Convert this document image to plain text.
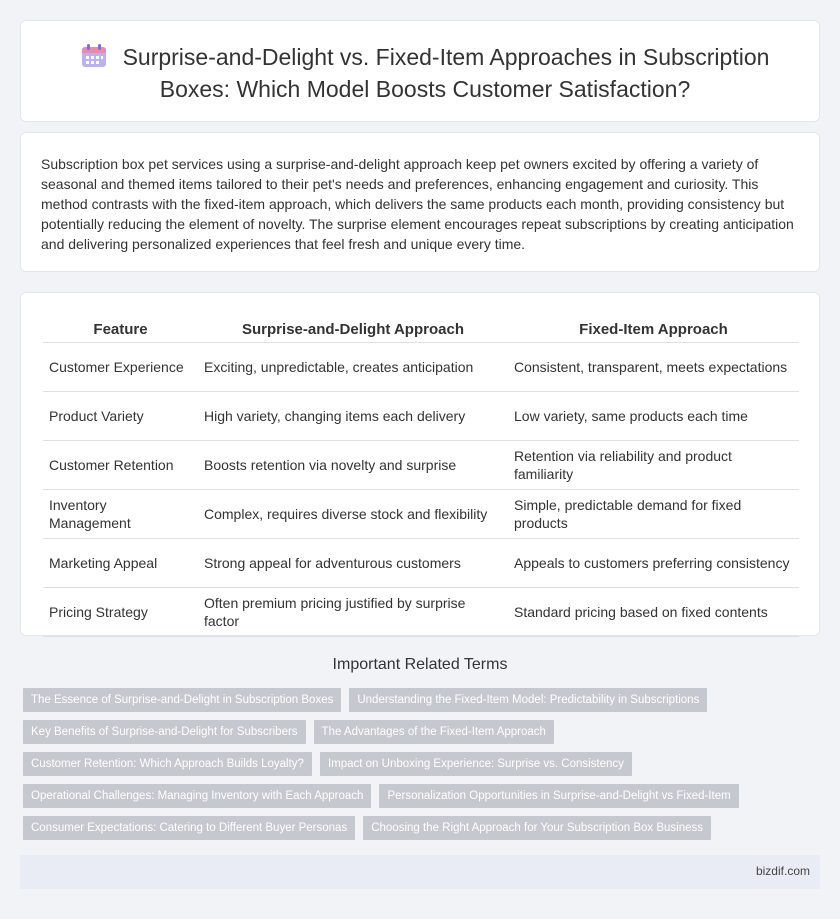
Surprise-and-Delight vs. Fixed-Item Approaches in Subscription Boxes: Which Model Boosts Customer Satisfaction?
Subscription box pet services using a surprise-and-delight approach keep pet owners excited by offering a variety of seasonal and themed items tailored to their pet's needs and preferences, enhancing engagement and curiosity. This method contrasts with the fixed-item approach, which delivers the same products each month, providing consistency but potentially reducing the element of novelty. The surprise element encourages repeat subscriptions by creating anticipation and delivering personalized experiences that feel fresh and unique every time.
Feature	Surprise-and-Delight Approach	Fixed-Item Approach
Customer Experience	Exciting, unpredictable, creates anticipation	Consistent, transparent, meets expectations
Product Variety	High variety, changing items each delivery	Low variety, same products each time
Customer Retention	Boosts retention via novelty and surprise	Retention via reliability and product familiarity
Inventory Management	Complex, requires diverse stock and flexibility	Simple, predictable demand for fixed products
Marketing Appeal	Strong appeal for adventurous customers	Appeals to customers preferring consistency
Pricing Strategy	Often premium pricing justified by surprise factor	Standard pricing based on fixed contents
Important Related Terms
The Essence of Surprise-and-Delight in Subscription Boxes	Understanding the Fixed-Item Model: Predictability in Subscriptions
Key Benefits of Surprise-and-Delight for Subscribers	The Advantages of the Fixed-Item Approach
Customer Retention: Which Approach Builds Loyalty?	Impact on Unboxing Experience: Surprise vs. Consistency
Operational Challenges: Managing Inventory with Each Approach	Personalization Opportunities in Surprise-and-Delight vs Fixed-Item
Consumer Expectations: Catering to Different Buyer Personas	Choosing the Right Approach for Your Subscription Box Business
bizdif.com
